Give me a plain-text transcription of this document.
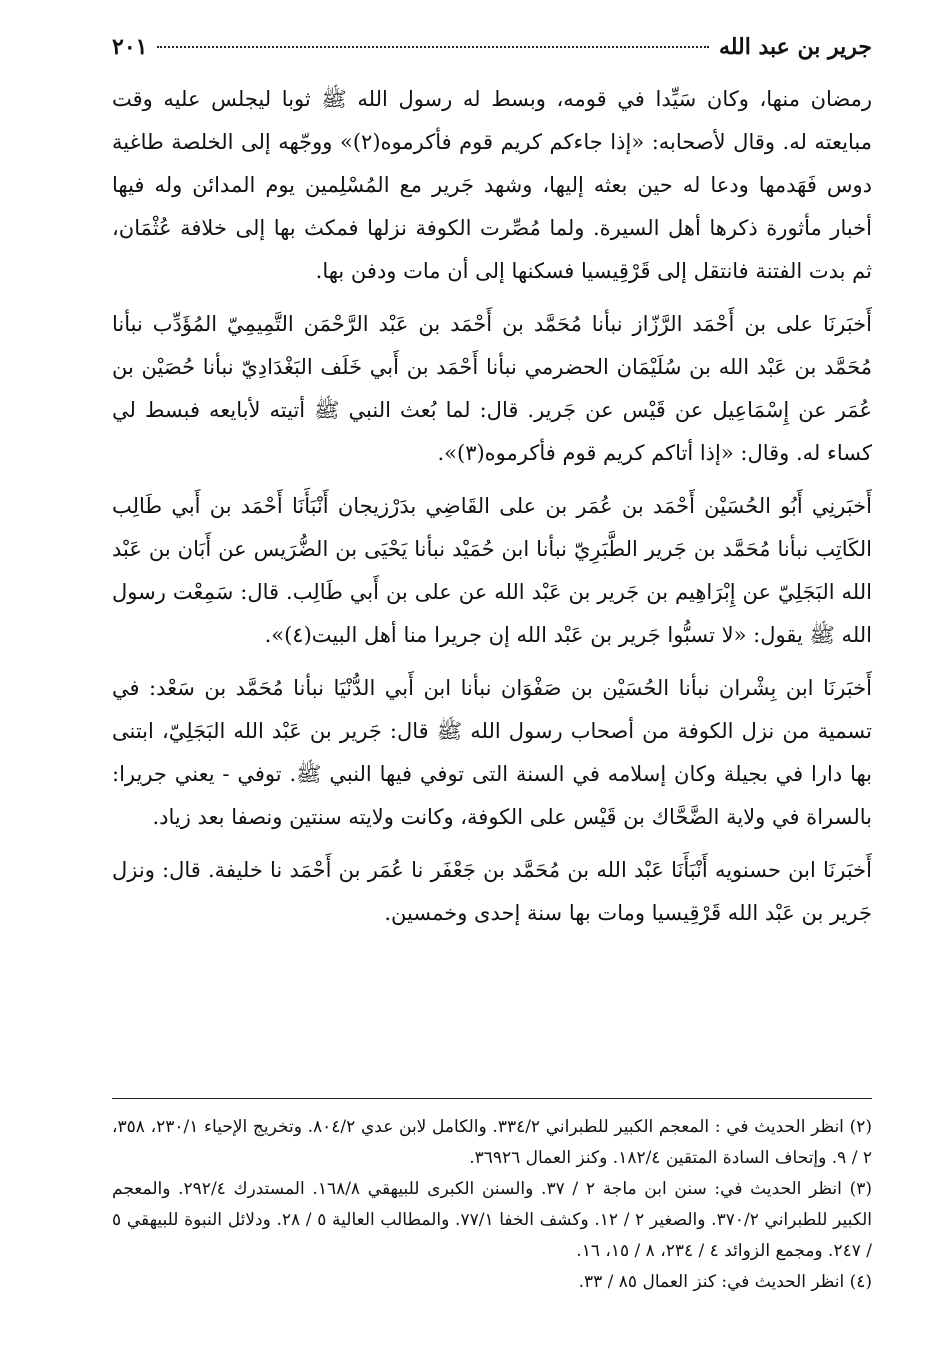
جرير بن عبد الله
٢٠١

رمضان منها، وكان سَيِّدا في قومه، وبسط له رسول الله ﷺ ثوبا ليجلس عليه وقت مبايعته له. وقال لأصحابه: «إذا جاءكم كريم قوم فأكرموه(٢)» ووجّهه إلى الخلصة طاغية دوس فَهَدمها ودعا له حين بعثه إليها، وشهد جَرير مع المُسْلِمين يوم المدائن وله فيها أخبار مأثورة ذكرها أهل السيرة. ولما مُصِّرت الكوفة نزلها فمكث بها إلى خلافة عُثْمَان، ثم بدت الفتنة فانتقل إلى قَرْقِيسيا فسكنها إلى أن مات ودفن بها.

أَخبَرنَا على بن أَحْمَد الرَّزّاز نبأنا مُحَمَّد بن أَحْمَد بن عَبْد الرَّحْمَن التَّمِيمِيّ المُؤَدِّب نبأنا مُحَمَّد بن عَبْد الله بن سُلَيْمَان الحضرمي نبأنا أَحْمَد بن أَبي خَلَف البَغْدَادِيّ نبأنا حُصَيْن بن عُمَر عن إِسْمَاعِيل عن قَيْس عن جَرير. قال: لما بُعث النبي ﷺ أتيته لأبايعه فبسط لي كساء له. وقال: «إذا أتاكم كريم قوم فأكرموه(٣)».

أَخبَرنِي أَبُو الحُسَيْن أَحْمَد بن عُمَر بن على القَاضِي بدَرْزيجان أَنْبَأَنَا أَحْمَد بن أَبي طَالِب الكَاتِب نبأنا مُحَمَّد بن جَرير الطَّبَرِيّ نبأنا ابن حُمَيْد نبأنا يَحْيَى بن الضُّرَيس عن أَبَان بن عَبْد الله البَجَلِيّ عن إِبْرَاهِيم بن جَرير بن عَبْد الله عن على بن أَبي طَالِب. قال: سَمِعْت رسول الله ﷺ يقول: «لا تسبُّوا جَرير بن عَبْد الله إن جريرا منا أهل البيت(٤)».

أَخبَرنَا ابن بِشْران نبأنا الحُسَيْن بن صَفْوَان نبأنا ابن أَبي الدُّنْيَا نبأنا مُحَمَّد بن سَعْد: في تسمية من نزل الكوفة من أصحاب رسول الله ﷺ قال: جَرير بن عَبْد الله البَجَلِيّ، ابتنى بها دارا في بجيلة وكان إسلامه في السنة التى توفي فيها النبي ﷺ. توفي - يعني جريرا: بالسراة في ولاية الضَّحَّاك بن قَيْس على الكوفة، وكانت ولايته سنتين ونصفا بعد زياد.

أَخبَرنَا ابن حسنويه أَنْبَأَنَا عَبْد الله بن مُحَمَّد بن جَعْفَر نا عُمَر بن أَحْمَد نا خليفة. قال: ونزل جَرير بن عَبْد الله قَرْقِيسيا ومات بها سنة إحدى وخمسين.

(٢) انظر الحديث في : المعجم الكبير للطبراني ٣٣٤/٢. والكامل لابن عدي ٨٠٤/٢. وتخريج الإحياء ٢٣٠/١، ٣٥٨، ٢ / ٩. وإتحاف السادة المتقين ١٨٢/٤. وكنز العمال ٣٦٩٢٦.

(٣) انظر الحديث في: سنن ابن ماجة ٢ / ٣٧. والسنن الكبرى للبيهقي ١٦٨/٨. المستدرك ٢٩٢/٤. والمعجم الكبير للطبراني ٣٧٠/٢. والصغير ٢ / ١٢. وكشف الخفا ٧٧/١. والمطالب العالية ٥ / ٢٨. ودلائل النبوة للبيهقي ٥ / ٢٤٧. ومجمع الزوائد ٤ / ٢٣٤، ٨ / ١٥، ١٦.

(٤) انظر الحديث في: كنز العمال ٨٥ / ٣٣.
